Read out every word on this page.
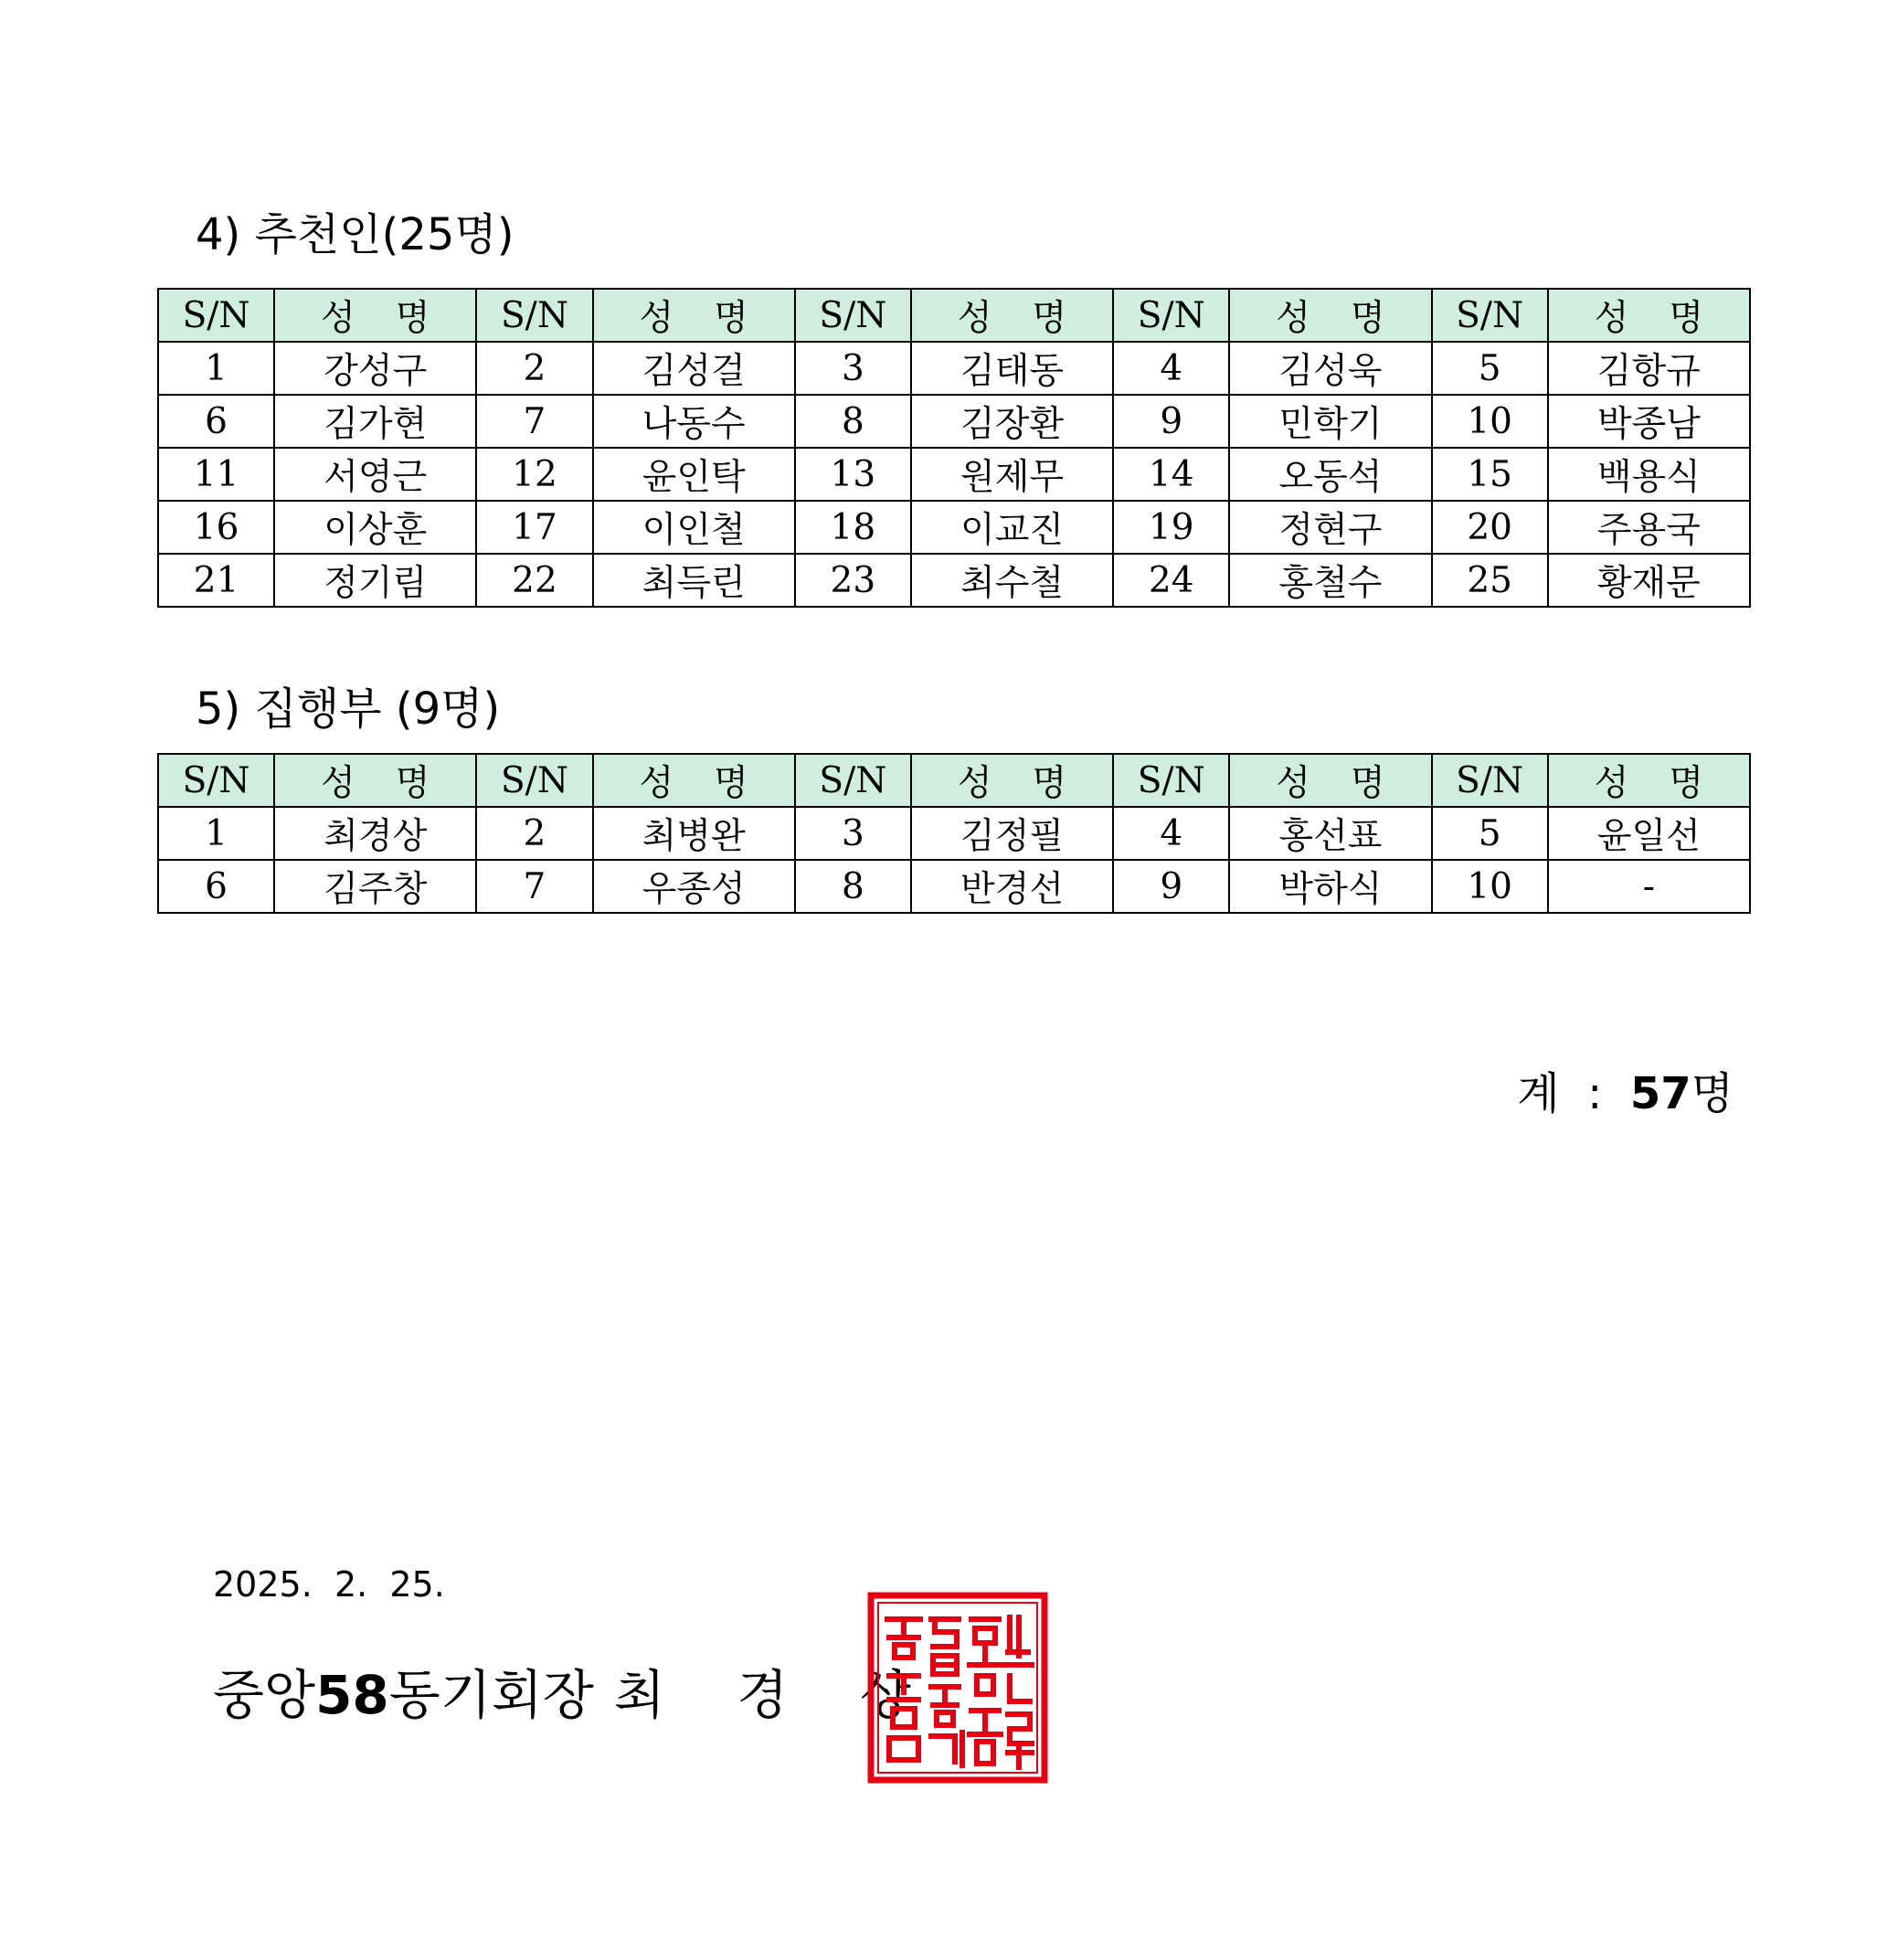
4) 추천인(25명)
S/N	성 명	S/N	성 명	S/N	성 명	S/N	성 명	S/N	성 명
1	강성구	2	김성걸	3	김태동	4	김성욱	5	김항규
6	김가현	7	나동수	8	김장환	9	민학기	10	박종남
11	서영근	12	윤인탁	13	원제무	14	오동석	15	백용식
16	이상훈	17	이인철	18	이교진	19	정현구	20	주용국
21	정기림	22	최득린	23	최수철	24	홍철수	25	황재문
5) 집행부 (9명)
S/N	성 명	S/N	성 명	S/N	성 명	S/N	성 명	S/N	성 명
1	최경상	2	최병완	3	김정필	4	홍선표	5	윤일선
6	김주창	7	우종성	8	반경선	9	박하식	10	-
계  :  57명
2025.  2.  25.
중앙58동기회장 최 경 상
